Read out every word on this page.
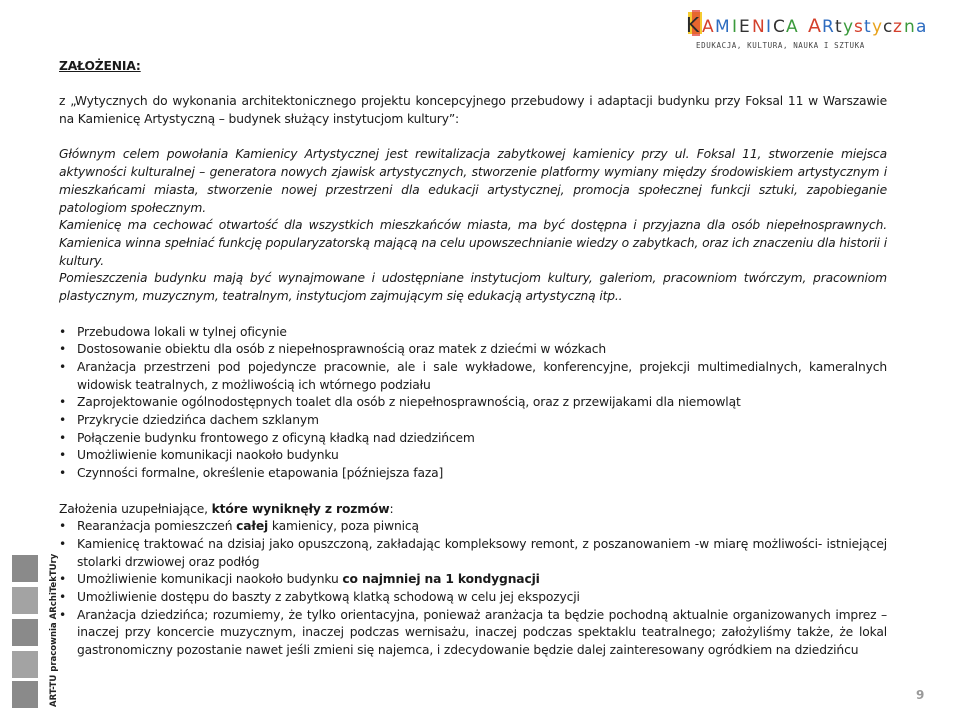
K A M I E N I C A A R t y s t y c z n a
EDUKACJA, KULTURA, NAUKA I SZTUKA

ZAŁOŻENIA:

z „Wytycznych do wykonania architektonicznego projektu koncepcyjnego przebudowy i adaptacji budynku przy Foksal 11 w Warszawie na Kamienicę Artystyczną – budynek służący instytucjom kultury”:

Głównym celem powołania Kamienicy Artystycznej jest rewitalizacja zabytkowej kamienicy przy ul. Foksal 11, stworzenie miejsca aktywności kulturalnej – generatora nowych zjawisk artystycznych, stworzenie platformy wymiany między środowiskiem artystycznym i mieszkańcami miasta, stworzenie nowej przestrzeni dla edukacji artystycznej, promocja społecznej funkcji sztuki, zapobieganie patologiom społecznym.

Kamienicę ma cechować otwartość dla wszystkich mieszkańców miasta, ma być dostępna i przyjazna dla osób niepełnosprawnych. Kamienica winna spełniać funkcję popularyzatorską mającą na celu upowszechnianie wiedzy o zabytkach, oraz ich znaczeniu dla historii i kultury.

Pomieszczenia budynku mają być wynajmowane i udostępniane instytucjom kultury, galeriom, pracowniom twórczym, pracowniom plastycznym, muzycznym, teatralnym, instytucjom zajmującym się edukacją artystyczną itp..

• Przebudowa lokali w tylnej oficynie
• Dostosowanie obiektu dla osób z niepełnosprawnością oraz matek z dziećmi w wózkach
• Aranżacja przestrzeni pod pojedyncze pracownie, ale i sale wykładowe, konferencyjne, projekcji multimedialnych, kameralnych widowisk teatralnych, z możliwością ich wtórnego podziału
• Zaprojektowanie ogólnodostępnych toalet dla osób z niepełnosprawnością, oraz z przewijakami dla niemowląt
• Przykrycie dziedzińca dachem szklanym
• Połączenie budynku frontowego z oficyną kładką nad dziedzińcem
• Umożliwienie komunikacji naokoło budynku
• Czynności formalne, określenie etapowania [późniejsza faza]

Założenia uzupełniające, które wyniknęły z rozmów:

• Rearanżacja pomieszczeń całej kamienicy, poza piwnicą
• Kamienicę traktować na dzisiaj jako opuszczoną, zakładając kompleksowy remont, z poszanowaniem -w miarę możliwości- istniejącej stolarki drzwiowej oraz podłóg
• Umożliwienie komunikacji naokoło budynku co najmniej na 1 kondygnacji
• Umożliwienie dostępu do baszty z zabytkową klatką schodową w celu jej ekspozycji
• Aranżacja dziedzińca; rozumiemy, że tylko orientacyjna, ponieważ aranżacja ta będzie pochodną aktualnie organizowanych imprez – inaczej przy koncercie muzycznym, inaczej podczas wernisażu, inaczej podczas spektaklu teatralnego; założyliśmy także, że lokal gastronomiczny pozostanie nawet jeśli zmieni się najemca, i zdecydowanie będzie dalej zainteresowany ogródkiem na dziedzińcu
ART-TU pracownia ARchiTekTUry	9
